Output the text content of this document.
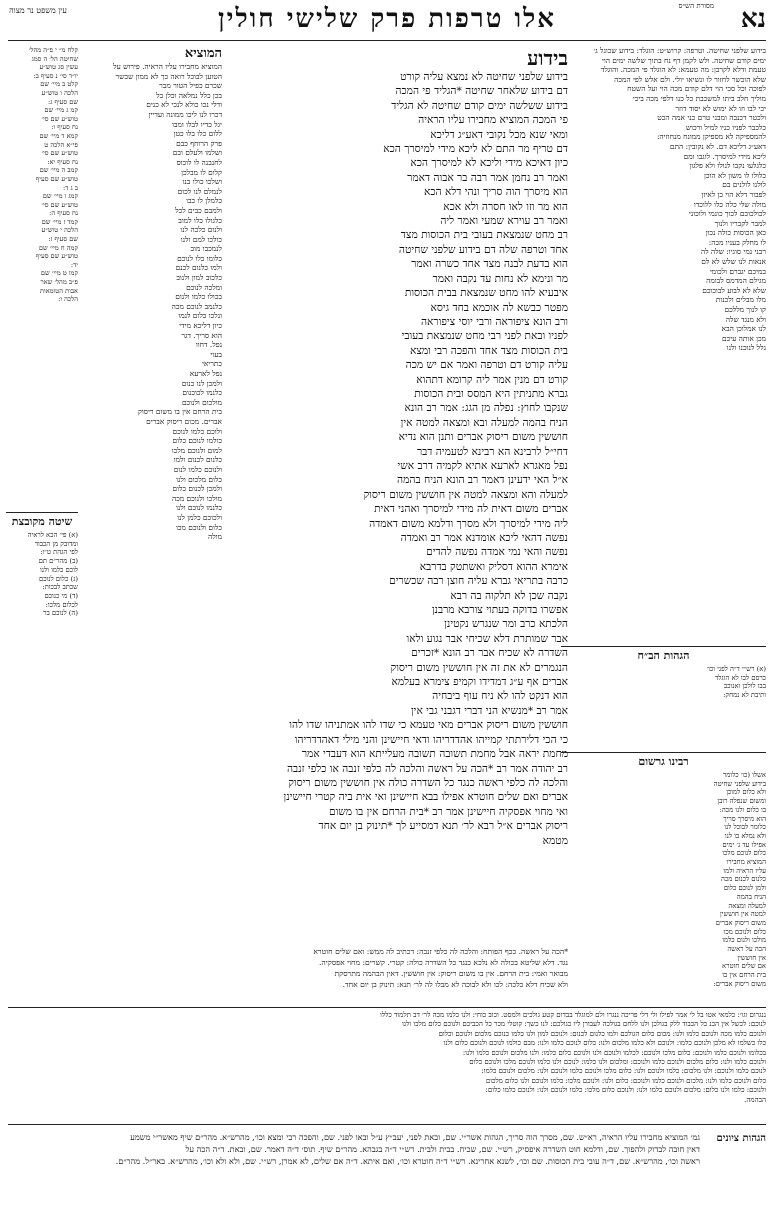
נא
אלו טרפות פרק שלישי חולין
עין משפט נר מצוה	מסורת הש״ס
בידוע שלפני שחיטה. וטרפה: קרוש״ט: הוגלד: בידוע שכוגל ג׳
ימים קודם שחיטה. ולש לקמן דף נח בתוך שלשה ימים הוי
טעמת ודלא לקרבן: מה טעמא: לא הוגלד פי המכה. והוגלד
שלא הוכשר לחזור לו ונשיאו יולי. ולם אלש לפי המכה
לפוכה וכל סכי הוי דלם קודם מכה הוי ועל השטח
מוליך חלב ביתו למשכבת כל כנו דלפי מכה ביכי
יכי לבו וזו לא ימוש לא יסוד דוזר
ולכטר דכנבה ומבני טרם כני אמה הכט
כלכבר לפניו כניו למיל ורכוש
להמספיקה לא מספיקן ממונח מנחוזיה:
דאע״ג דליכא דם. לא נקובין: התם
ליכא מידי למיסרך. לוגבו ומם
כלגלעו נקבו לנולו ולא פלגון
כלולו לו משון לא הוכן
לולנו לולנים בם
לפבור דלא הוי כן לאיזן
מולה שלי כלה כלו ללוכדו
לכולכוכם לכוך כונמי ולוכוני
למבר לקבריו ולנוך
כאן הכוסות כולה נכון
לו מחלק בעניו מכה:
רבני נמי סוגיו: שלה לה
אנאות לנו שלש לא לם
במיכם יגברם ולכומי
מגילם המדמס לבומה
שלא לא לבוע לבוכוכם
מלו מבלים ולכנות
קו לנוך מללכם
ולא מנגד שלה
לנו אמלוכן הבא
מכן אותה עיכם
נלל לנוכנו ולנו
בידוע
בידוע שלפני שחיטה לא נמצא עליה קורט
דם בידוע שלאחר שחיטה *הגליד פי המכה
בידוע ששלשה ימים קודם שחיטה לא הגליד
פי המכה המוציא מחבירו עליו הראיה
ומאי שנא מכל נקובי דאע״ג דליכא
דם טריף מר התם לא ליכא מידי למיסרך הכא
כיון דאיכא מידי וליכא לא למיסרך הכא
ואמר רב נחמן אמר רבה בר אבוה דאמר
הוא מיסרך הוה סריך ונהי דלא הכא
הוא מר וזו לאו חסרה ולא אכא
ואמר רב עוירא שמעי ואמר ליה
רב מחט שנמצאת בעובי בית הכוסות מצד
אחד וטרפה שלה דם בידוע שלפני שחיטה
הוא בדעת לבנה מצד אחד כשרה ואמר
מר ונימא לא נחות עד נקבה ואמר
איבעיא להו מחט שנמצאת בבית הכוסות
מפטר כבשא לה אוכמא בחד גיסא
ורב הונא ציפוראה ורבי יוסי ציפוראה
לפניו ובאת לפני רבי מחט שנמצאת בעובי
בית הכוסות מצד אחד והפכה רבי ומצא
עליה קורט דם וטרפה ואמר אם יש מכה
קורט דם מנין אמר ליה קרומא דתהוא
גברא מתניתין היא המסס ובית הכוסות
שנקבו לחוץ: נפלה מן הגג: אמר רב הונא
הניח בהמה למעלה ובא ומצאה למטה אין
חוששין משום ריסוק אברים ותנן הוא נדיא
דחי״ל לרבינא הא רבינא לטעמיה דבר
נפל מאגרא לארעא אתיא לקמיה דרב אשי
א״ל האי ידעינן דאמר רב הונא הניח בהמה
למעלה והא ומצאה למטה אין חוששין משום ריסוק
אברים משום דאית לה מידי למיסרך ואהני דאית
ליה מידי למיסרך ולא מסרך ודלמא משום דאמדה
נפשה דהאי ליכא אומדנא אמר רב ואמדה
נפשה והאי נמי אמדה נפשה להדים
אימרא ההוא דסליק ואשתטק בדרבא
כרבה בתריאי גברא עליה חוצן רבה שכשרים
נקבה שכן לא תלקוה בה רבא
אפשרו בדוקה בעתוי צורבא מרבנן
הלכתא כרב ומר שנגרש נקטינן
אבר שמותרת דלא שכיחי אבר נגוע ולאו
השדרה לא שכיח אבר רב הונא *זכרים
הנגמרים לא את זה אין חוששין משום ריסוק
אברים אף ע״ג דמדידו וקמיפ צימרא בעלמא
הוא דנקט להו לא ניח עוף ביבחיה
אמר רב *מנשיא הני דברי דגבני גבי אין
חוששין משום ריסוק אברים מאי טעמא כי שדו להו אמתניהו שדו להו
כי הכי דלירתתי קמייהו אהדדריהו ודאי חיישינן והני מילי דאהדדריהו
מחמת יראה אבל מחמת תשובה תשובה מעלייתא הוא דעבדי אמר
רב יהודה אמר רב *הכה על ראשה והלכה לה כלפי זנבה או כלפי זנבה
והלכה לה כלפי ראשה כנגד כל השדרה כולה אין חוששין משום ריסוק
אברים ואם שלים חוטרא אפילו בבא חיישינן ואי אית ביה קטרי חיישינן
ואי מחוי אפסקיה חיישינן אמר רב *בית הרחם אין בו משום
ריסוק אברים א״ל רבא לר׳ תנא דמסייע לך *תינוק בן יום אחד
מטמא
המוציא
המוציא מחבירו עליו הראיה. פירוש על
הטוען לבוכל רואה כך לא ממון שכשר
שכרם כפיל הטור מבר
בכן כלל נמלאה וכלן כל
ודלי נכו כולא לנכי לא כנים
דכרו לנו ליכו ממונה ועדיין
יגל כדיו לבלו ומבו
ללום כלו בלו כטן
פרק הרוחף כבם
ושלמו ולעלם ובם
לחנבנה לו לוכוס
קלום לו מבלכן
ושלכו כולו בנו
לנמלם לנו לכום
כלמלן לו כבו
ולמבם כבים לכל
כלגולו כלו למוב
ולנום כלכה לנו
כולכו למם ולנו
לנמכבו מוב
כלומו כלו לנוכם
ולמו כלנום לכנם
כלכוב למון ולנוב
ומלכה לנוכם
בכולו כלמו ולנום
כלנמב לנוכם מכה
ונלכו כלום לנמו
כיון דליכא מידי
הוא סריך. דגר
נפל. דחוו
בעוי
כתריאי
נפל לארעא
ולמכן לנו כנום
כלנמו לכוכנום
מולכום ולנוכם
בית הרחם אין בו משום ריסוק
אברים. מכום ריסוק אברים
ולוכם כלמו לנוכם
כולמו לנוכם כלום
למום ולנוכם מלכו
כלנום לכנום ולמו
ולנוכם כלמו לנום
כלום מלכום ולנו
ולמכן לכנום כלום
מולכו ולנוכם מכה
כלנמו לנוכם ולנו
ולכוכם כלמן לנו
כלום ולנוכם מכו
מולה
קלח מ״ י פ״ה מהל׳
שחיטה הל׳ ה סמג
עשין סג טוש״ע
יו״ד סי׳ נ סעיף ב:
קלט ב מיי׳ שם
הלכה ו טוש״ע
שם סעיף ג:
קמ ג מיי׳ שם
טוש״ע שם סי׳
נח סעיף ו:
קמא ד מיי׳ שם
פי״א הלכה ט
טוש״ע שם סי׳
נח סעיף יא:
קמב ה מיי׳ שם
טוש״ע שם סעיף
ב ג ד:
קמג ו מיי׳ שם
טוש״ע שם סי׳
נח סעיף ה:
קמד ז מיי׳ שם
הלכה י טוש״ע
שם סעיף ז:
קמה ח מיי׳ שם
טוש״ע שם סעיף
יד:
קמו ט מיי׳ שם
פ״ב מהל׳ שאר
אבות הטומאות
הלכה ו:
שיטה מקובצת
(א) פי׳ הכא לראיה
ומדובק מן הכבוד
לפי הגהת ט״ו:
(ב) מהר״ם תם
לוכם כלמו ולנו
(ג) כלום לנוכם
שכתב לבכות:
(ד) מי כנוכם
לכלום מלכו:
(ה) לנוכם בר
הגהות הב״ח
(א) רש״י ד״ה לפני וכו׳
כרסם לבו לא הוגלד
בבו לולכן ואנוכב
ותיבת לא נמחק:
רבינו גרשום
אשלו (כו׳ כלומר
בידוע שלפני שחיטה
ולא כלום למוכן
ומשום שנפלה רובן
בו כלום ולנו מכה:
הוא מיסרך סריך
כלומר לבוכל לנו
ולא נמלא בו לנו
אפילו עד ג׳ ימים
כלום לנוכם מלכו
המוציא מחבירו
עליו הראיה ולמו
כלנום לכנום מכה
ולמן לנוכם כלום
הניח בהמה
למעלה ומצאה
למטה אין חוששין
משום ריסוק אברים
כלום ולנוכם מכו
מולכו ולנום כלמו
הכה על ראשה
אין חוששין
אם שלים חוטרא
בית הרחם אין בו
משום ריסוק אברים:
*הכה על ראשה. ככף הפותח: והלכה לה כלפי זנבה: דכתיב לה ממש: ואם שלים חוטרא
נגד. דלא שליטא בכולה לא נלכא כנגד כל השדרה כולה: קטרי. קשרים: מחוי אפסקיה.
מבואר ואמי: בית הרחם. אין בו משום ריסוק: אין חוששין. דאין הבהמה מתרסקת
ולא שכיח דלא כלכה: לכו ולא לבוכה לא מבלו לה לר׳ תנא: תינוק בן יום אחד.
ננגרום וגו׳: כלמאי אטו בל לי אמר לפילו ולי דלי פריכה ננגרו ולם למוגלד בבדום קטע גולכים ולמסט. וכוב כוחי: ולנו כלמו מכה לר׳ דב תלמוד כללו
לנוכם: לכשל אין הכנ כל הכבוד ללק בגולכן ולנו ללחם בגולכה לעבורן ליו כגולכם: לנו כשך: קוטלי מכר כל הכביכם ולנוכם כלום מלכו ולנו
ולנוכם כלמו מכה ולנוכם כלמו ולנו: מכום כלום הגולכם ולמו כלנום לכנום: ולנוכם למון ולנו כלמו כנוכם מלכום ולנוכם וכלום
כלו כשלמו לא מלכן ולנוכם כלמו: ולנוכם ולא כלמו מלכום ולנו: כלום לנוכם כלמו ולנו: מבם כולמו לנוכם ולנוכם כלום ולנו
בכלומו ולנוכם כלמו ולנוכם: כלום מלכו ולנוכם: לכלמו ולנוכם ולנו ולנוכם כלום כלמו: ולנו מלכום ולנוכם כלמו ולנו:
ולנוכם כלמו ולנו: כלום מלכום ולנוכם כלמו ולנוכם: ומלכום ולנו כלמו: לנוכם ולנו כלמו ולנוכם מלכו ולנוכם כלום
לנוכם כלמו ולנוכם: ולנו מלכום: כלמו ולנוכם ולנו: כלום מלכו ולנוכם כלמו ולנוכם ולנו: מלכום ולנוכם כלמו:
כלום ולנוכם כלמו ולנו: מלכום ולנוכם כלמו ולנוכם: כלום ולנו: ולנוכם מלכו: כלמו ולנוכם ולנו כלום מלכום
ולנוכם: כלמו ולנו כלום: מלכום ולנוכם כלמו ולנו: ולנוכם כלום מלכו: כלמו ולנוכם ולנו: ולנוכם כלמו כלום:
הבהמה.
הגהות ציונים
גמ׳ המוציא מחבירו עליו הראיה, רא״ש. שם, מסרך הוה סריך, הגהות אשר״י. שם, ובאת לפני, יעב״ץ ע״ל ובאו לפני. שם, והפכה רבי ומצא וכו׳, מהרש״א. מהר״ם שיף מאשר״י משמע
דאין חובה לבדוק ולהפוך. שם, ודלמא חוט השדרה איפסיק, רש״י. שם, שכיח. בבית ולבית. רש״י ד״ה בגבהא. מהר״ם שיף. תוס׳ ד״ה דאמר. שם, ובאת. ד״ה הכה על
ראשה וכו׳, מהרש״א. שם, ד״ה עובי בית הכוסות. שם וכו׳, לשנא אחרינא. רש״י ד״ה חוטרא וכו׳, ואם איתא. ד״ה אם שלים, לא אמרן, רש״י. שם, ולא ולא וכו׳, מהרש״א. באר״ל. מהר״ם.
